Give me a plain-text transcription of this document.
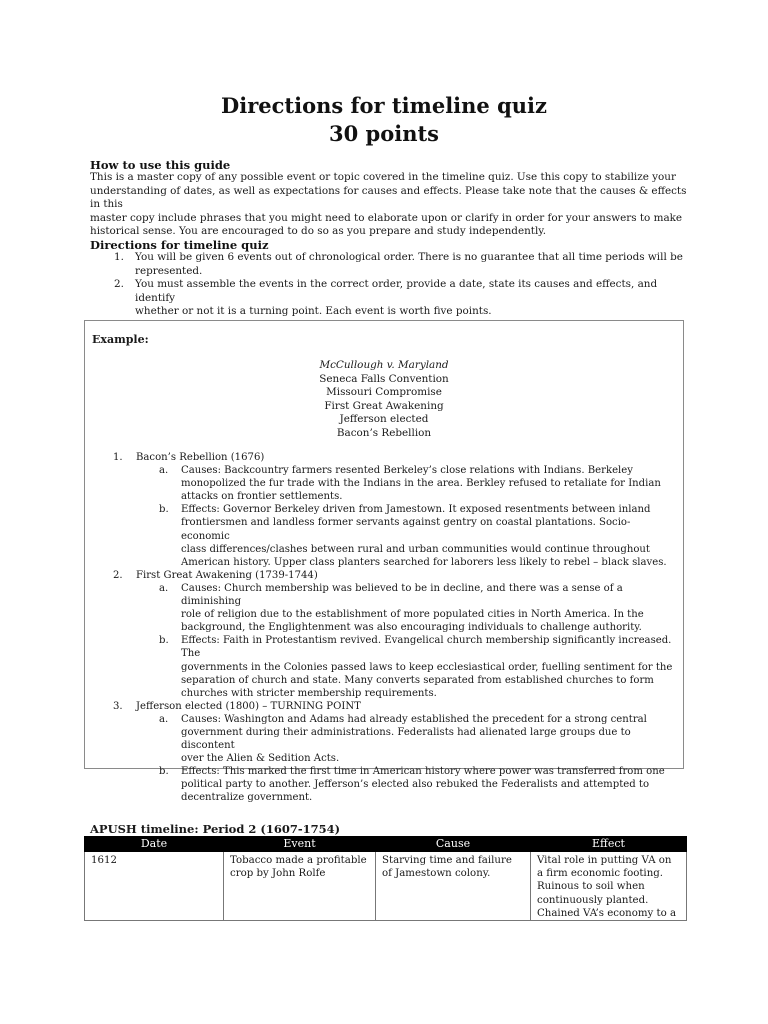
Directions for timeline quiz
30 points
How to use this guide
This is a master copy of any possible event or topic covered in the timeline quiz. Use this copy to stabilize your
understanding of dates, as well as expectations for causes and effects. Please take note that the causes & effects in this
master copy include phrases that you might need to elaborate upon or clarify in order for your answers to make
historical sense. You are encouraged to do so as you prepare and study independently.
Directions for timeline quiz
1. You will be given 6 events out of chronological order. There is no guarantee that all time periods will be
represented.
2. You must assemble the events in the correct order, provide a date, state its causes and effects, and identify
whether or not it is a turning point. Each event is worth five points.
Example:
McCullough v. Maryland
Seneca Falls Convention
Missouri Compromise
First Great Awakening
Jefferson elected
Bacon’s Rebellion
1. Bacon’s Rebellion (1676)
a. Causes: Backcountry farmers resented Berkeley’s close relations with Indians. Berkeley
monopolized the fur trade with the Indians in the area. Berkley refused to retaliate for Indian
attacks on frontier settlements.
b. Effects: Governor Berkeley driven from Jamestown. It exposed resentments between inland
frontiersmen and landless former servants against gentry on coastal plantations. Socio-economic
class differences/clashes between rural and urban communities would continue throughout
American history. Upper class planters searched for laborers less likely to rebel – black slaves.
2. First Great Awakening (1739-1744)
a. Causes: Church membership was believed to be in decline, and there was a sense of a diminishing
role of religion due to the establishment of more populated cities in North America. In the
background, the Englightenment was also encouraging individuals to challenge authority.
b. Effects: Faith in Protestantism revived. Evangelical church membership significantly increased. The
governments in the Colonies passed laws to keep ecclesiastical order, fuelling sentiment for the
separation of church and state. Many converts separated from established churches to form
churches with stricter membership requirements.
3. Jefferson elected (1800) – TURNING POINT
a. Causes: Washington and Adams had already established the precedent for a strong central
government during their administrations. Federalists had alienated large groups due to discontent
over the Alien & Sedition Acts.
b. Effects: This marked the first time in American history where power was transferred from one
political party to another. Jefferson’s elected also rebuked the Federalists and attempted to
decentralize government.
APUSH timeline: Period 2 (1607-1754)
Date	Event	Cause	Effect
1612	Tobacco made a profitable crop by John Rolfe	Starving time and failure of Jamestown colony.	Vital role in putting VA on a firm economic footing.
Ruinous to soil when continuously planted.
Chained VA’s economy to a
